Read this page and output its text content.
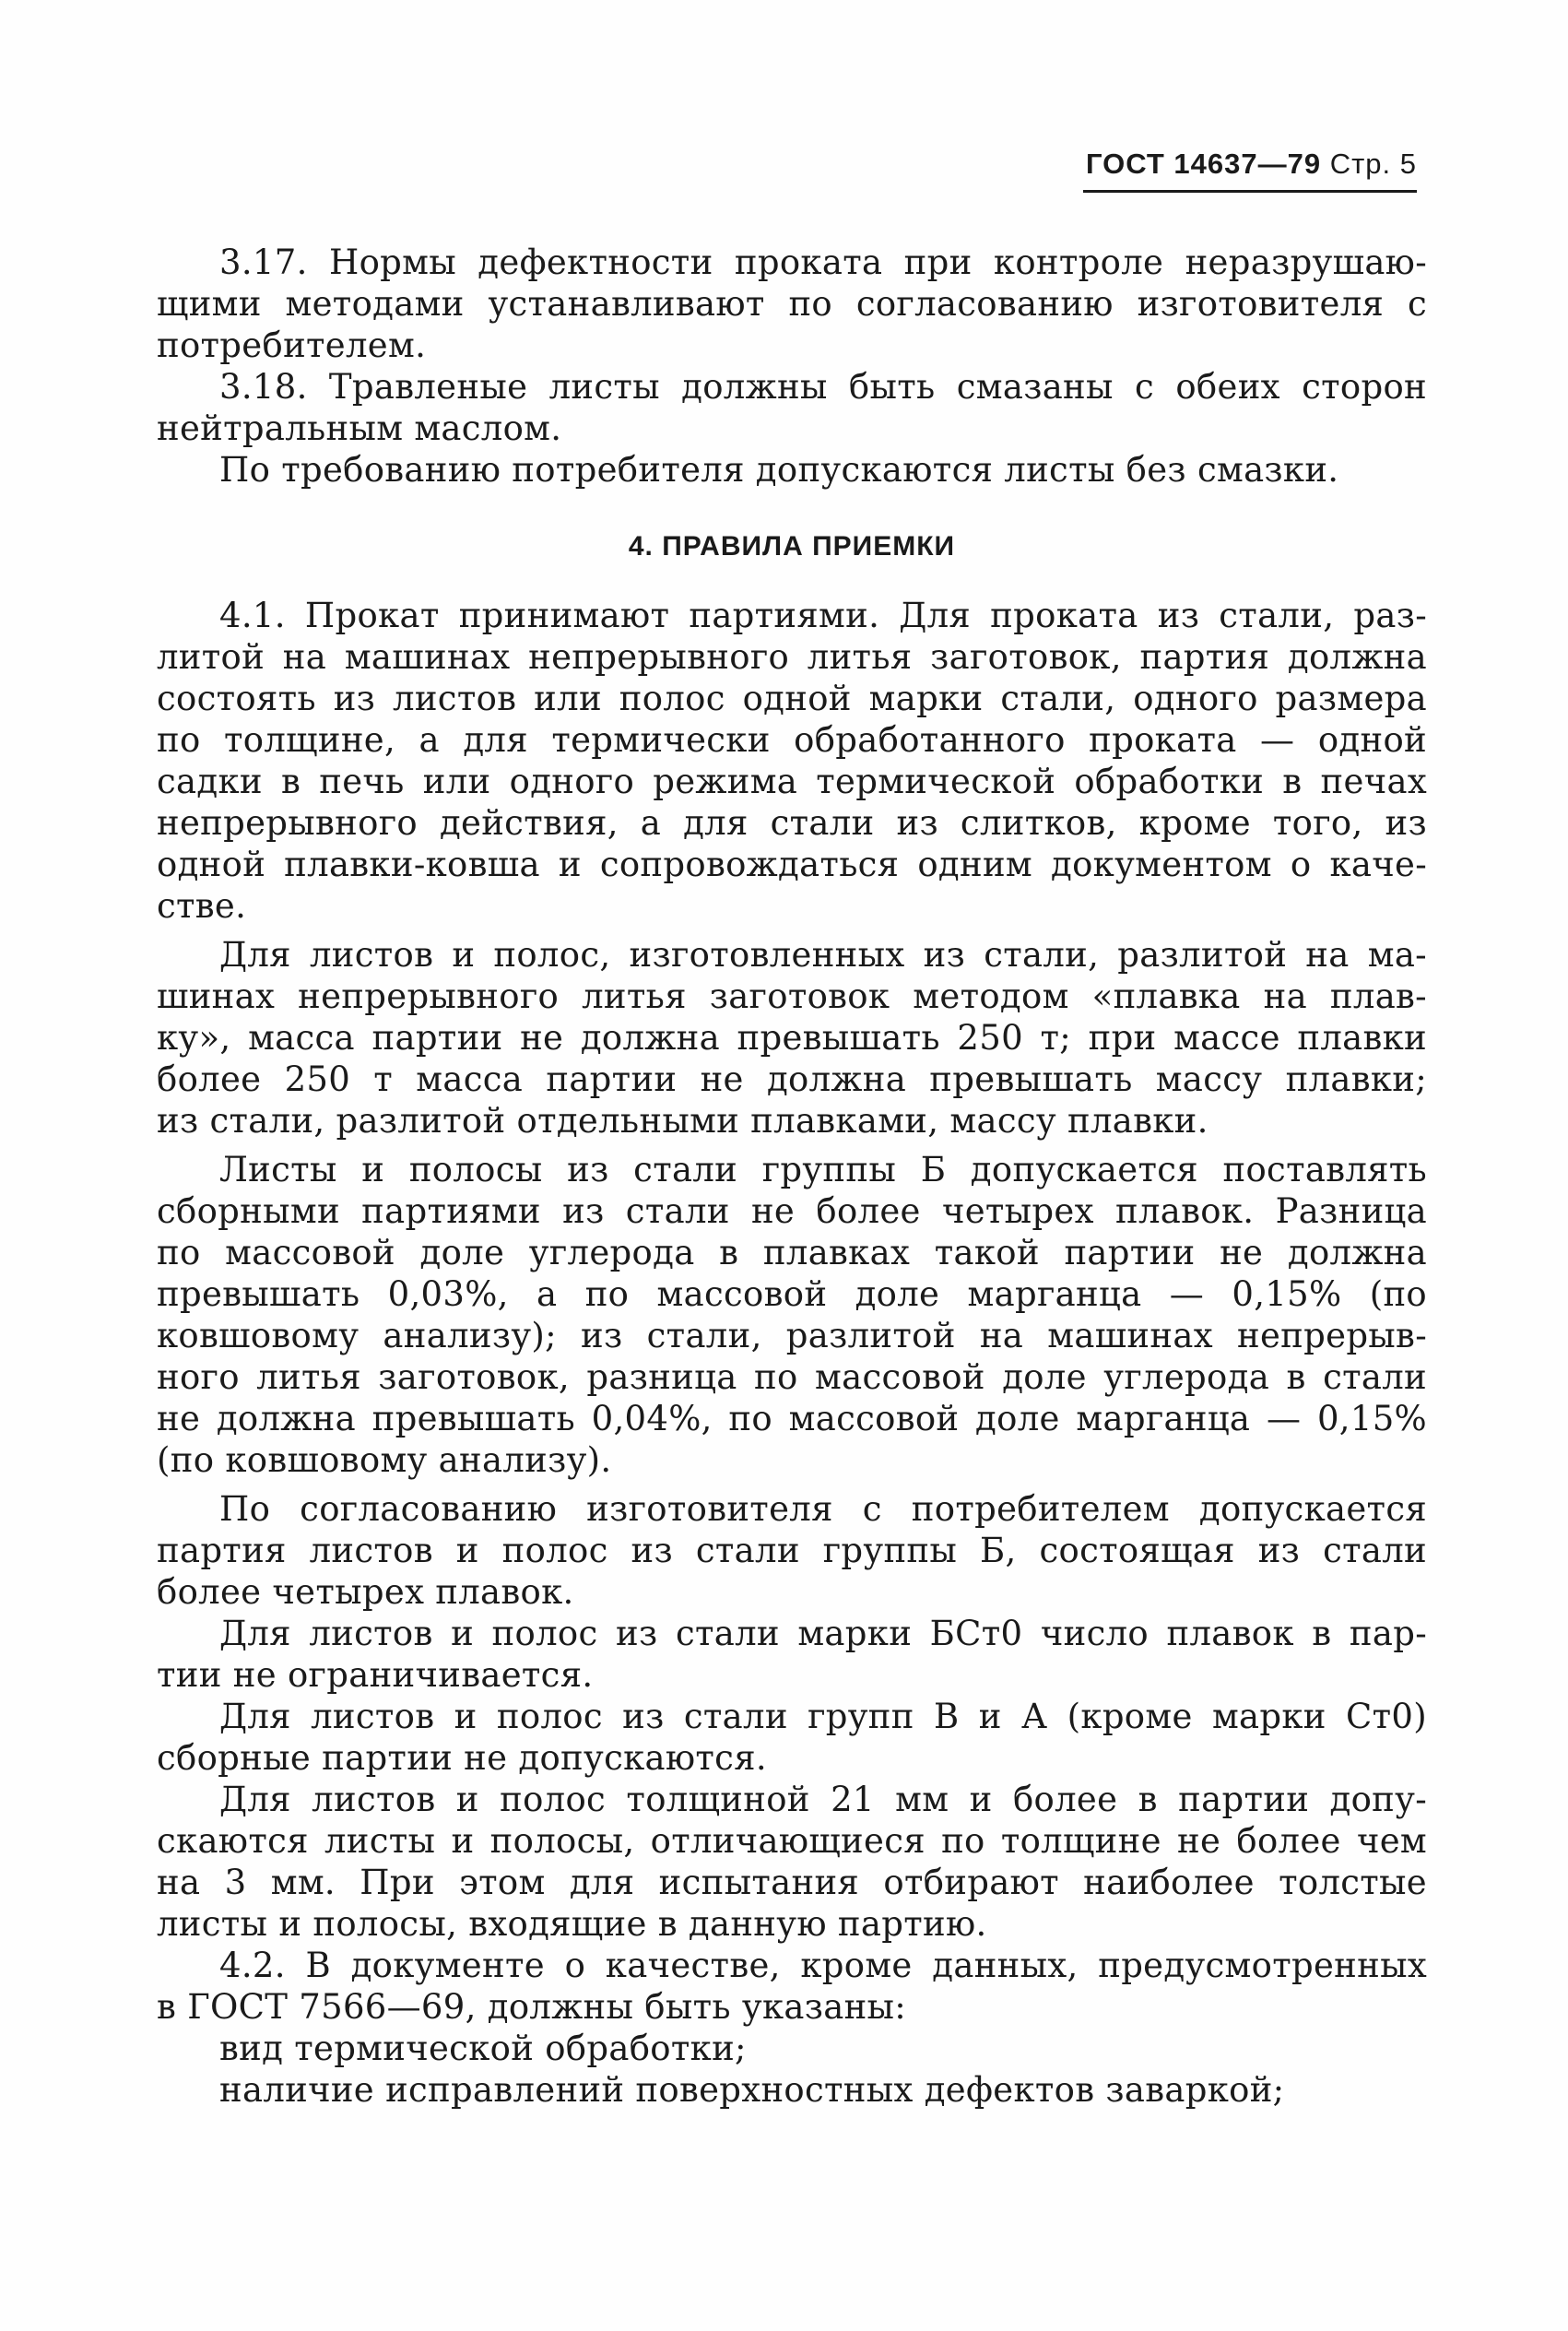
ГОСТ 14637—79 Стр. 5
3.17. Нормы дефектности проката при контроле неразрушаю-
щими методами устанавливают по согласованию изготовителя с
потребителем.
3.18. Травленые листы должны быть смазаны с обеих сторон
нейтральным маслом.
По требованию потребителя допускаются листы без смазки.
4. ПРАВИЛА ПРИЕМКИ
4.1. Прокат принимают партиями. Для проката из стали, раз-
литой на машинах непрерывного литья заготовок, партия должна
состоять из листов или полос одной марки стали, одного размера
по толщине, а для термически обработанного проката — одной
садки в печь или одного режима термической обработки в печах
непрерывного действия, а для стали из слитков, кроме того, из
одной плавки-ковша и сопровождаться одним документом о каче-
стве.
Для листов и полос, изготовленных из стали, разлитой на ма-
шинах непрерывного литья заготовок методом «плавка на плав-
ку», масса партии не должна превышать 250 т; при массе плавки
более 250 т масса партии не должна превышать массу плавки;
из стали, разлитой отдельными плавками, массу плавки.
Листы и полосы из стали группы Б допускается поставлять
сборными партиями из стали не более четырех плавок. Разница
по массовой доле углерода в плавках такой партии не должна
превышать 0,03%, а по массовой доле марганца — 0,15% (по
ковшовому анализу); из стали, разлитой на машинах непрерыв-
ного литья заготовок, разница по массовой доле углерода в стали
не должна превышать 0,04%, по массовой доле марганца — 0,15%
(по ковшовому анализу).
По согласованию изготовителя с потребителем допускается
партия листов и полос из стали группы Б, состоящая из стали
более четырех плавок.
Для листов и полос из стали марки БСт0 число плавок в пар-
тии не ограничивается.
Для листов и полос из стали групп В и А (кроме марки Ст0)
сборные партии не допускаются.
Для листов и полос толщиной 21 мм и более в партии допу-
скаются листы и полосы, отличающиеся по толщине не более чем
на 3 мм. При этом для испытания отбирают наиболее толстые
листы и полосы, входящие в данную партию.
4.2. В документе о качестве, кроме данных, предусмотренных
в ГОСТ 7566—69, должны быть указаны:
вид термической обработки;
наличие исправлений поверхностных дефектов заваркой;
